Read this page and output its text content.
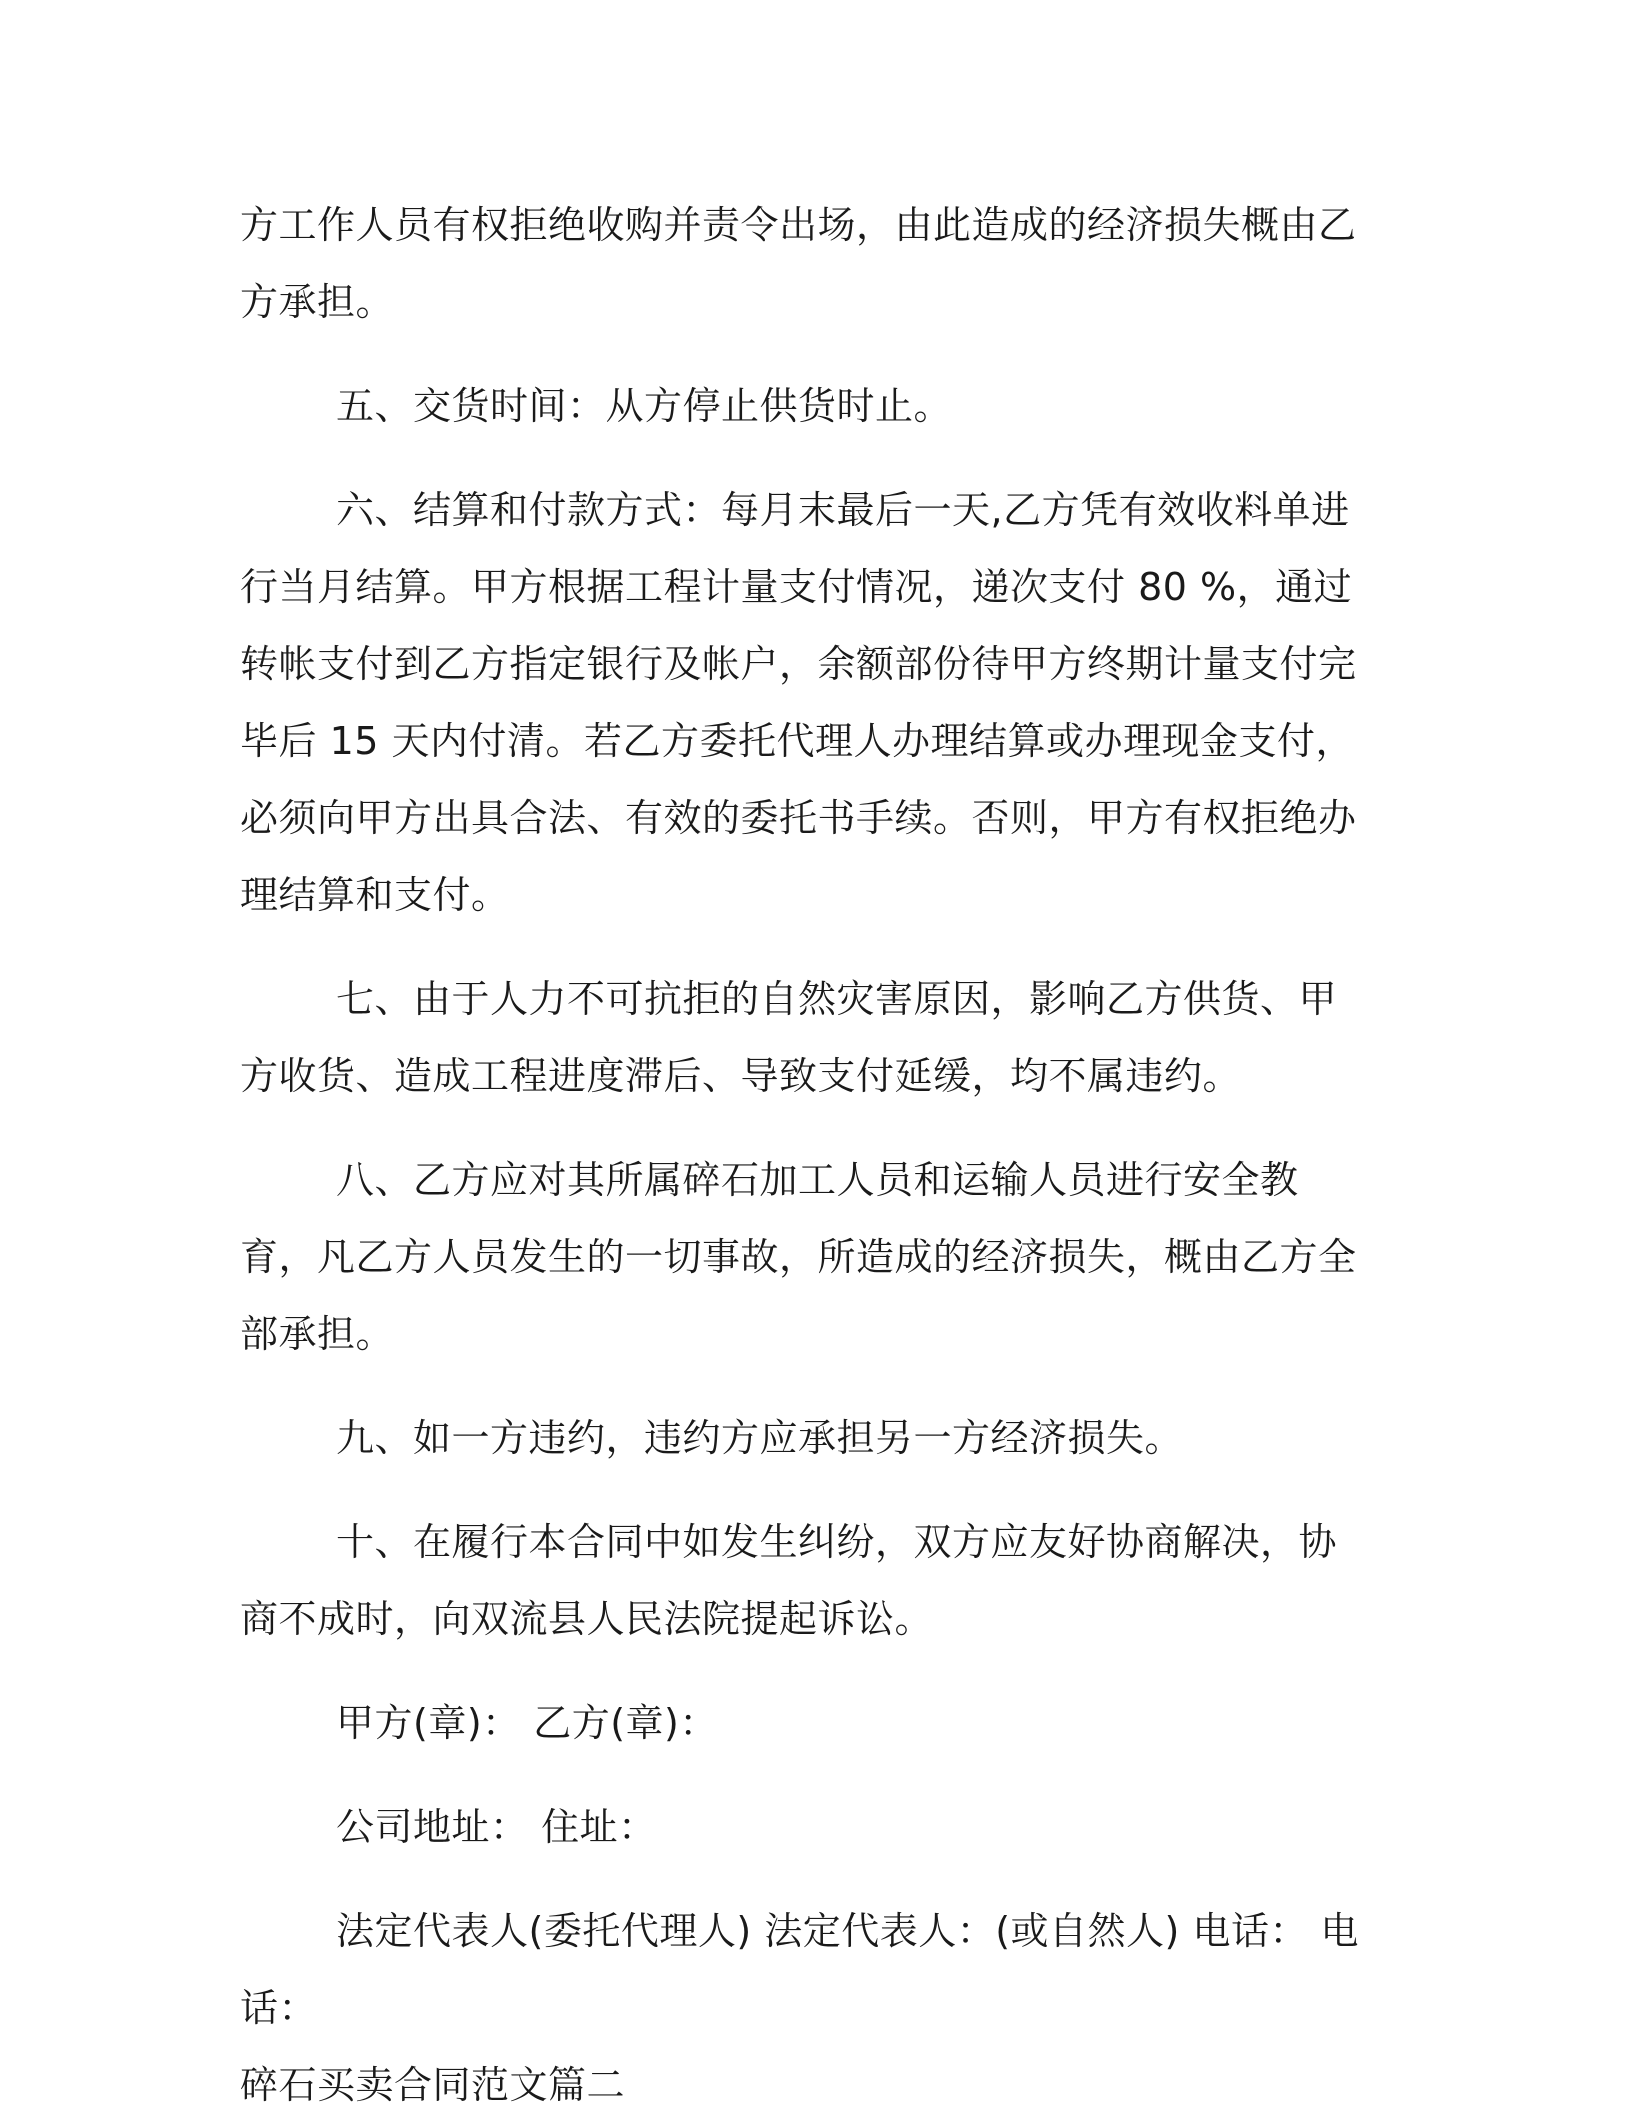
方工作人员有权拒绝收购并责令出场，由此造成的经济损失概由乙方承担。

五、交货时间：从方停止供货时止。

六、结算和付款方式：每月末最后一天,乙方凭有效收料单进行当月结算。甲方根据工程计量支付情况，递次支付 80 %，通过转帐支付到乙方指定银行及帐户，余额部份待甲方终期计量支付完毕后 15 天内付清。若乙方委托代理人办理结算或办理现金支付，必须向甲方出具合法、有效的委托书手续。否则，甲方有权拒绝办理结算和支付。

七、由于人力不可抗拒的自然灾害原因，影响乙方供货、甲方收货、造成工程进度滞后、导致支付延缓，均不属违约。

八、乙方应对其所属碎石加工人员和运输人员进行安全教育，凡乙方人员发生的一切事故，所造成的经济损失，概由乙方全部承担。

九、如一方违约，违约方应承担另一方经济损失。

十、在履行本合同中如发生纠纷，双方应友好协商解决，协商不成时，向双流县人民法院提起诉讼。

甲方(章)： 乙方(章)：

公司地址： 住址：

法定代表人(委托代理人) 法定代表人：(或自然人) 电话： 电话：

碎石买卖合同范文篇二
